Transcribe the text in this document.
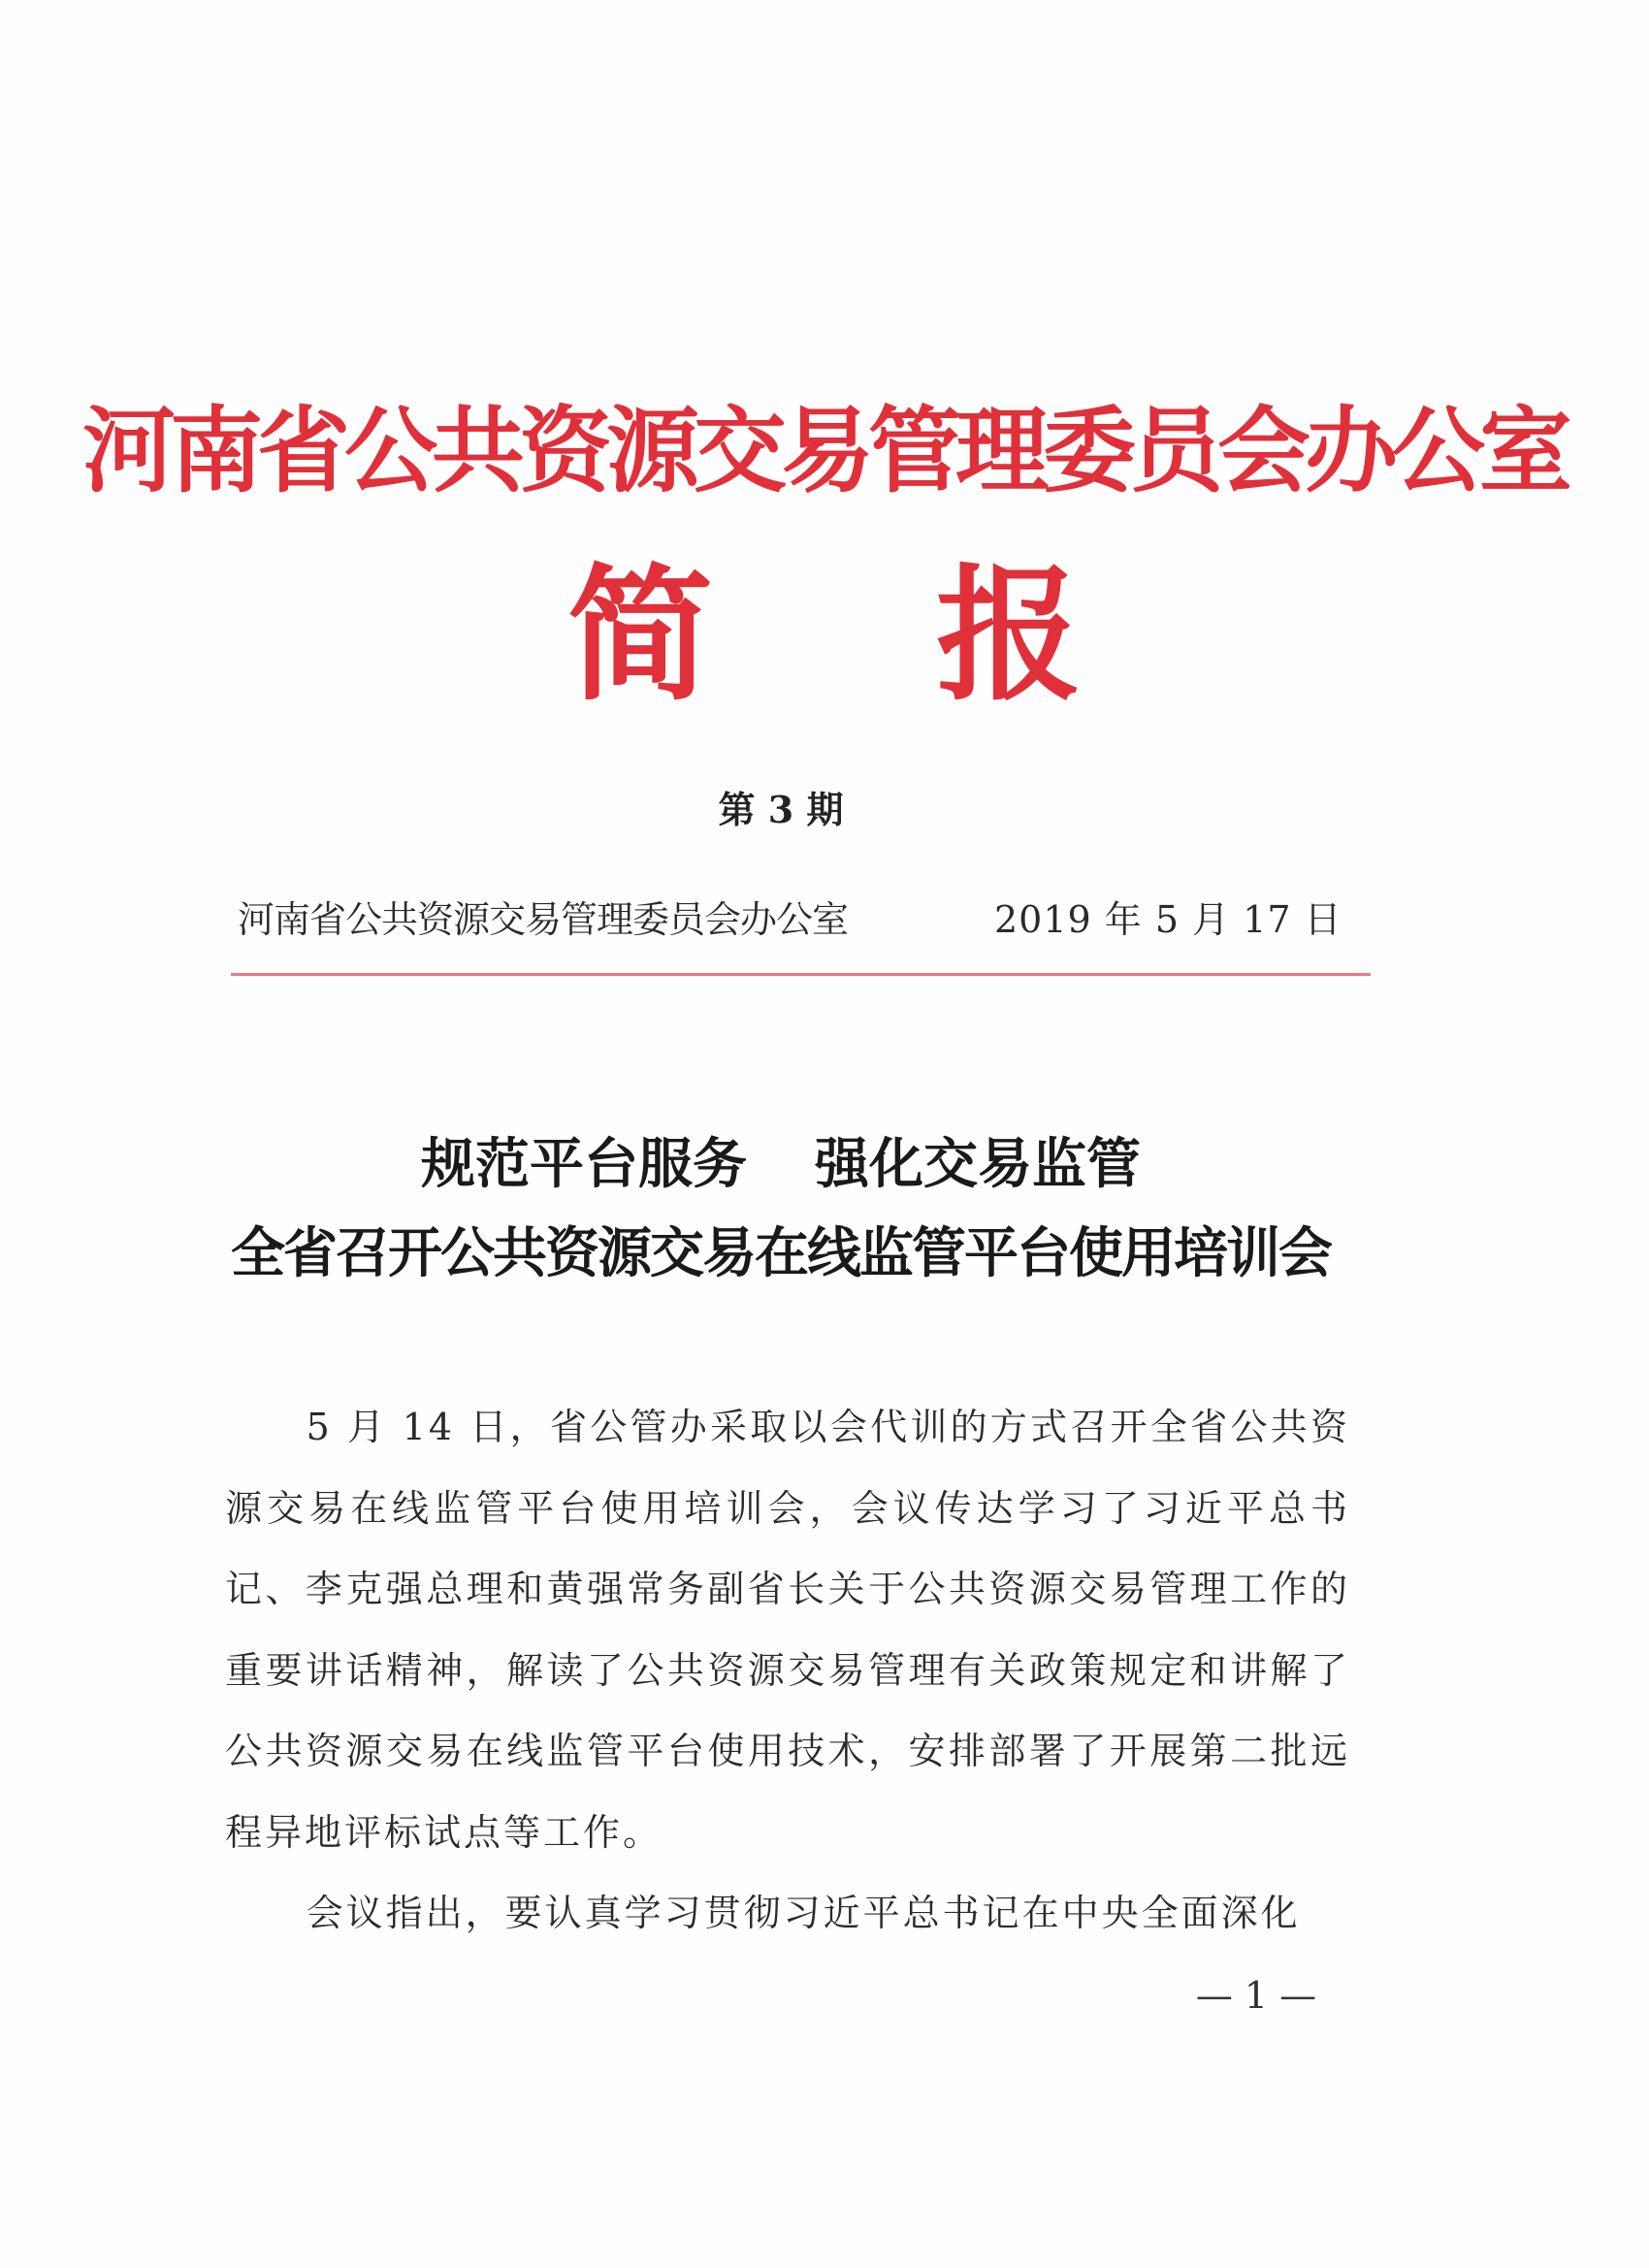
河南省公共资源交易管理委员会办公室
简 报
第 3 期
河南省公共资源交易管理委员会办公室	2019 年 5 月 17 日
规范平台服务 强化交易监管
全省召开公共资源交易在线监管平台使用培训会

5 月 14 日，省公管办采取以会代训的方式召开全省公共资源交易在线监管平台使用培训会，会议传达学习了习近平总书记、李克强总理和黄强常务副省长关于公共资源交易管理工作的重要讲话精神，解读了公共资源交易管理有关政策规定和讲解了公共资源交易在线监管平台使用技术，安排部署了开展第二批远程异地评标试点等工作。

会议指出，要认真学习贯彻习近平总书记在中央全面深化

— 1 —
